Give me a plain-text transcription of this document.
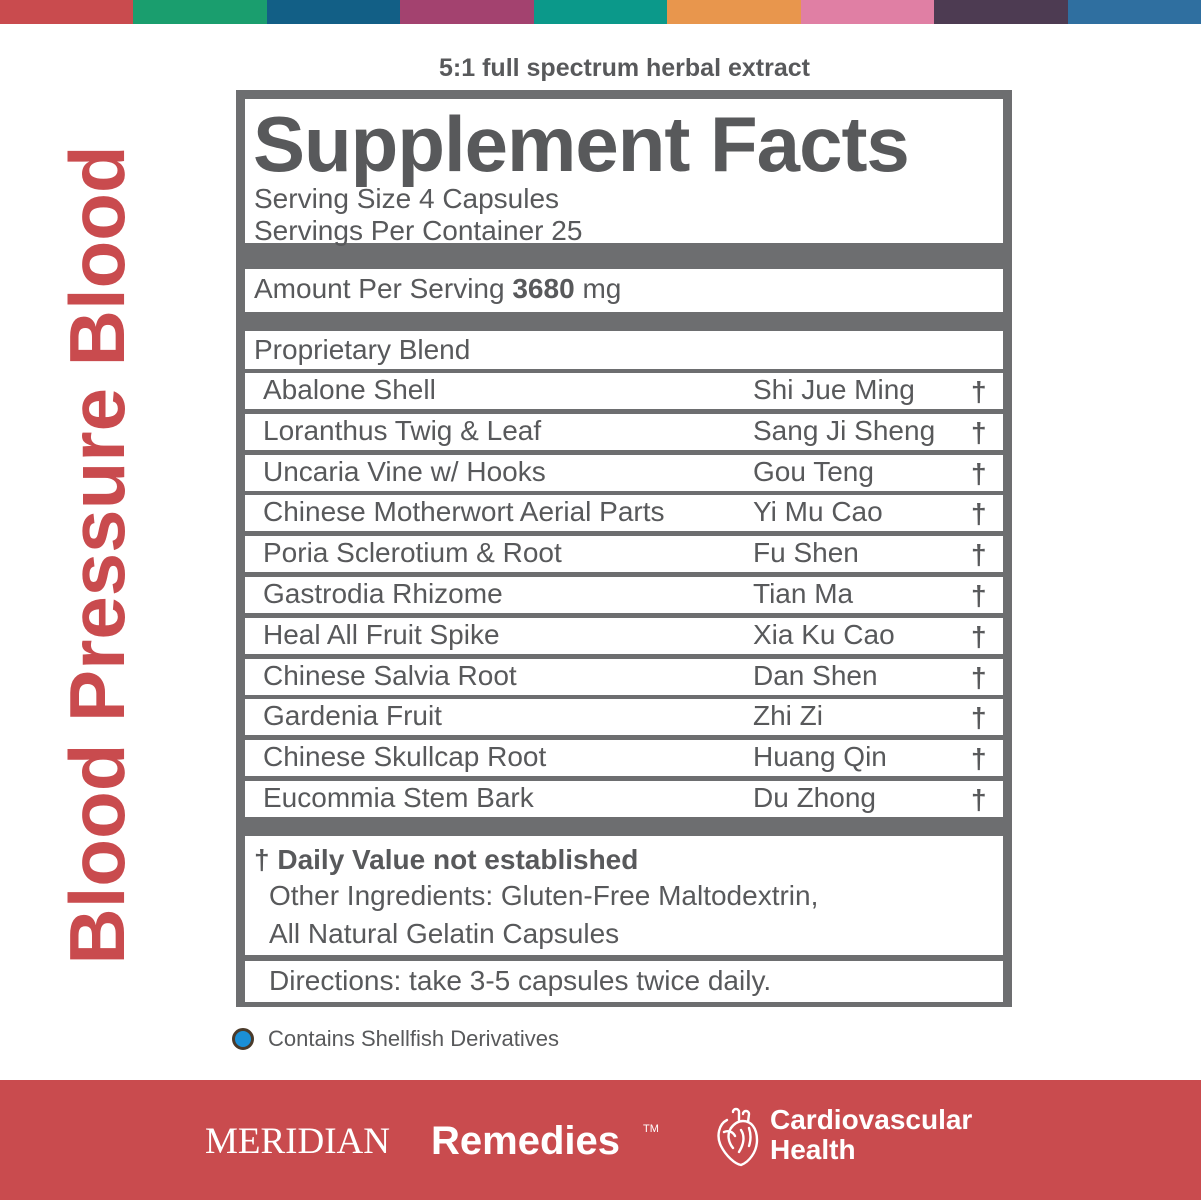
Blood Pressure Blood
5:1 full spectrum herbal extract
Supplement Facts
Serving Size 4 Capsules
Servings Per Container 25
Amount Per Serving 3680 mg
Proprietary Blend
Abalone Shell	Shi Jue Ming †
Loranthus Twig & Leaf	Sang Ji Sheng †
Uncaria Vine w/ Hooks	Gou Teng	†
Chinese Motherwort Aerial Parts	Yi Mu Cao	†
Poria Sclerotium & Root	Fu Shen	†
Gastrodia Rhizome	Tian Ma	†
Heal All Fruit Spike	Xia Ku Cao	†
Chinese Salvia Root	Dan Shen	†
Gardenia Fruit	Zhi Zi	†
Chinese Skullcap Root	Huang Qin	†
Eucommia Stem Bark	Du Zhong	†
† Daily Value not established
Other Ingredients: Gluten-Free Maltodextrin,
All Natural Gelatin Capsules
Directions: take 3-5 capsules twice daily.
Contains Shellfish Derivatives
MERIDIAN Remedies TM	Cardiovascular
Health
